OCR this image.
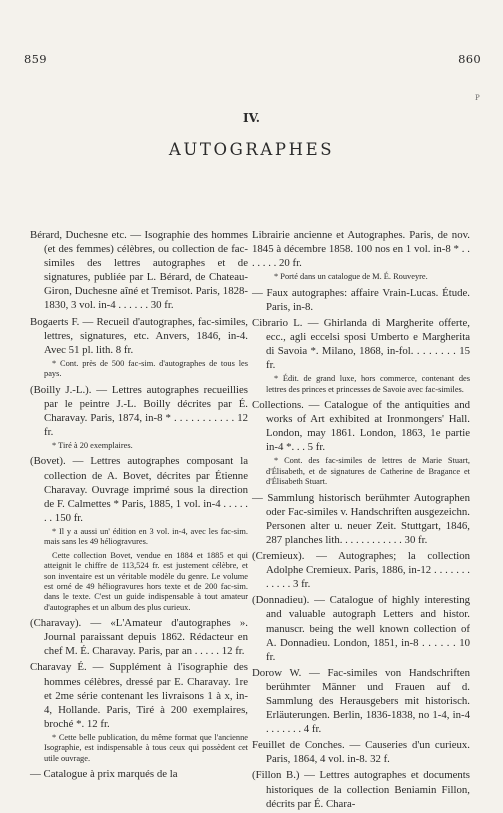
859	860
P
IV.
AUTOGRAPHES

Bérard, Duchesne etc. — Isographie des hommes (et des femmes) célèbres, ou collection de fac-similes des lettres autographes et de signatures, publiée par L. Bérard, de Chateau-Giron, Duchesne aîné et Tremisot. Paris, 1828-1830, 3 vol. in-4 . . . . . . 30 fr.

Bogaerts F. — Recueil d'autographes, fac-similes, lettres, signatures, etc. Anvers, 1846, in-4. Avec 51 pl. lith. 8 fr.

* Cont. près de 500 fac-sim. d'autographes de tous les pays.

(Boilly J.-L.). — Lettres autographes recueillies par le peintre J.-L. Boilly décrites par É. Charavay. Paris, 1874, in-8 * . . . . . . . . . . . 12 fr.

* Tiré à 20 exemplaires.

(Bovet). — Lettres autographes composant la collection de A. Bovet, décrites par Étienne Charavay. Ouvrage imprimé sous la direction de F. Calmettes * Paris, 1885, 1 vol. in-4 . . . . . . . 150 fr.

* Il y a aussi un' édition en 3 vol. in-4, avec les fac-sim. mais sans les 49 héliogravures.

Cette collection Bovet, vendue en 1884 et 1885 et qui atteignit le chiffre de 113,524 fr. est justement célèbre, et son inventaire est un véritable modèle du genre. Le volume est orné de 49 héliogravures hors texte et de 200 fac-sim. dans le texte. C'est un guide indispensable à tout amateur d'autographes et un album des plus curieux.

(Charavay). — «L'Amateur d'autographes ». Journal paraissant depuis 1862. Rédacteur en chef M. É. Charavay. Paris, par an . . . . . 12 fr.

Charavay É. — Supplément à l'isographie des hommes célèbres, dressé par E. Charavay. 1re et 2me série contenant les livraisons 1 à x, in-4, Hollande. Paris, Tiré à 200 exemplaires, broché *. 12 fr.

* Cette belle publication, du même format que l'ancienne Isographie, est indispensable à tous ceux qui possèdent cet utile ouvrage.

— Catalogue à prix marqués de la

Librairie ancienne et Autographes. Paris, de nov. 1845 à décembre 1858. 100 nos en 1 vol. in-8 * . . . . . . . 20 fr.

* Porté dans un catalogue de M. É. Rouveyre.

— Faux autographes: affaire Vrain-Lucas. Étude. Paris, in-8.

Cibrario L. — Ghirlanda di Margherite offerte, ecc., agli eccelsi sposi Umberto e Margherita di Savoia *. Milano, 1868, in-fol. . . . . . . . 15 fr.

* Édit. de grand luxe, hors commerce, contenant des lettres des princes et princesses de Savoie avec fac-similes.

Collections. — Catalogue of the antiquities and works of Art exhibited at Ironmongers' Hall. London, may 1861. London, 1863, 1e partie in-4 *. . . 5 fr.

* Cont. des fac-similes de lettres de Marie Stuart, d'Élisabeth, et de signatures de Catherine de Bragance et d'Élisabeth Stuart.

— Sammlung historisch berühmter Autographen oder Fac-similes v. Handschriften ausgezeichn. Personen alter u. neuer Zeit. Stuttgart, 1846, 287 planches lith. . . . . . . . . . . . 30 fr.

(Cremieux). — Autographes; la collection Adolphe Cremieux. Paris, 1886, in-12 . . . . . . . . . . . . 3 fr.

(Donnadieu). — Catalogue of highly interesting and valuable autograph Letters and histor. manuscr. being the well known collection of A. Donnadieu. London, 1851, in-8 . . . . . . 10 fr.

Dorow W. — Fac-similes von Handschriften berühmter Männer und Frauen auf d. Sammlung des Herausgebers mit historisch. Erläuterungen. Berlin, 1836-1838, no 1-4, in-4 . . . . . . . 4 fr.

Feuillet de Conches. — Causeries d'un curieux. Paris, 1864, 4 vol. in-8. 32 f.

(Fillon B.) — Lettres autographes et documents historiques de la collection Beniamin Fillon, décrits par É. Chara-
